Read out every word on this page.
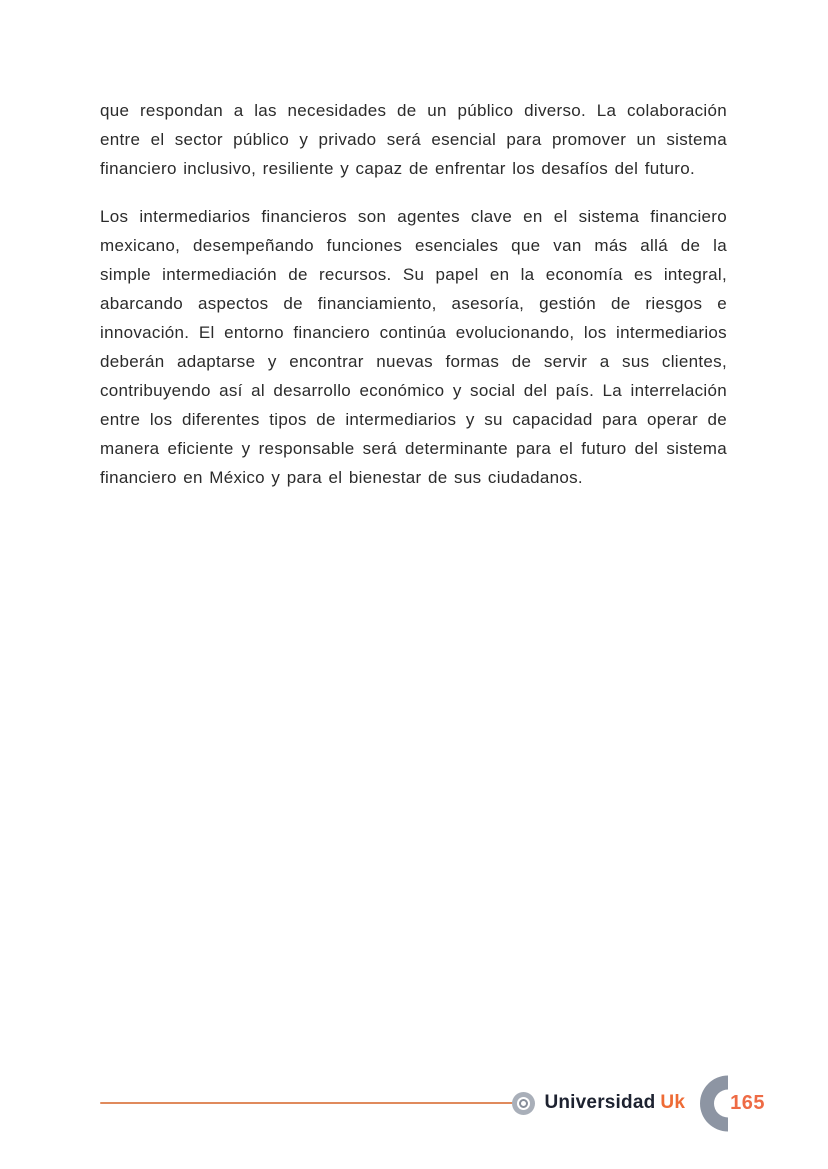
que respondan a las necesidades de un público diverso. La colaboración entre el sector público y privado será esencial para promover un sistema financiero inclusivo, resiliente y capaz de enfrentar los desafíos del futuro.

Los intermediarios financieros son agentes clave en el sistema financiero mexicano, desempeñando funciones esenciales que van más allá de la simple intermediación de recursos. Su papel en la economía es integral, abarcando aspectos de financiamiento, asesoría, gestión de riesgos e innovación. El entorno financiero continúa evolucionando, los intermediarios deberán adaptarse y encontrar nuevas formas de servir a sus clientes, contribuyendo así al desarrollo económico y social del país. La interrelación entre los diferentes tipos de intermediarios y su capacidad para operar de manera eficiente y responsable será determinante para el futuro del sistema financiero en México y para el bienestar de sus ciudadanos.

Universidad Uk 165
